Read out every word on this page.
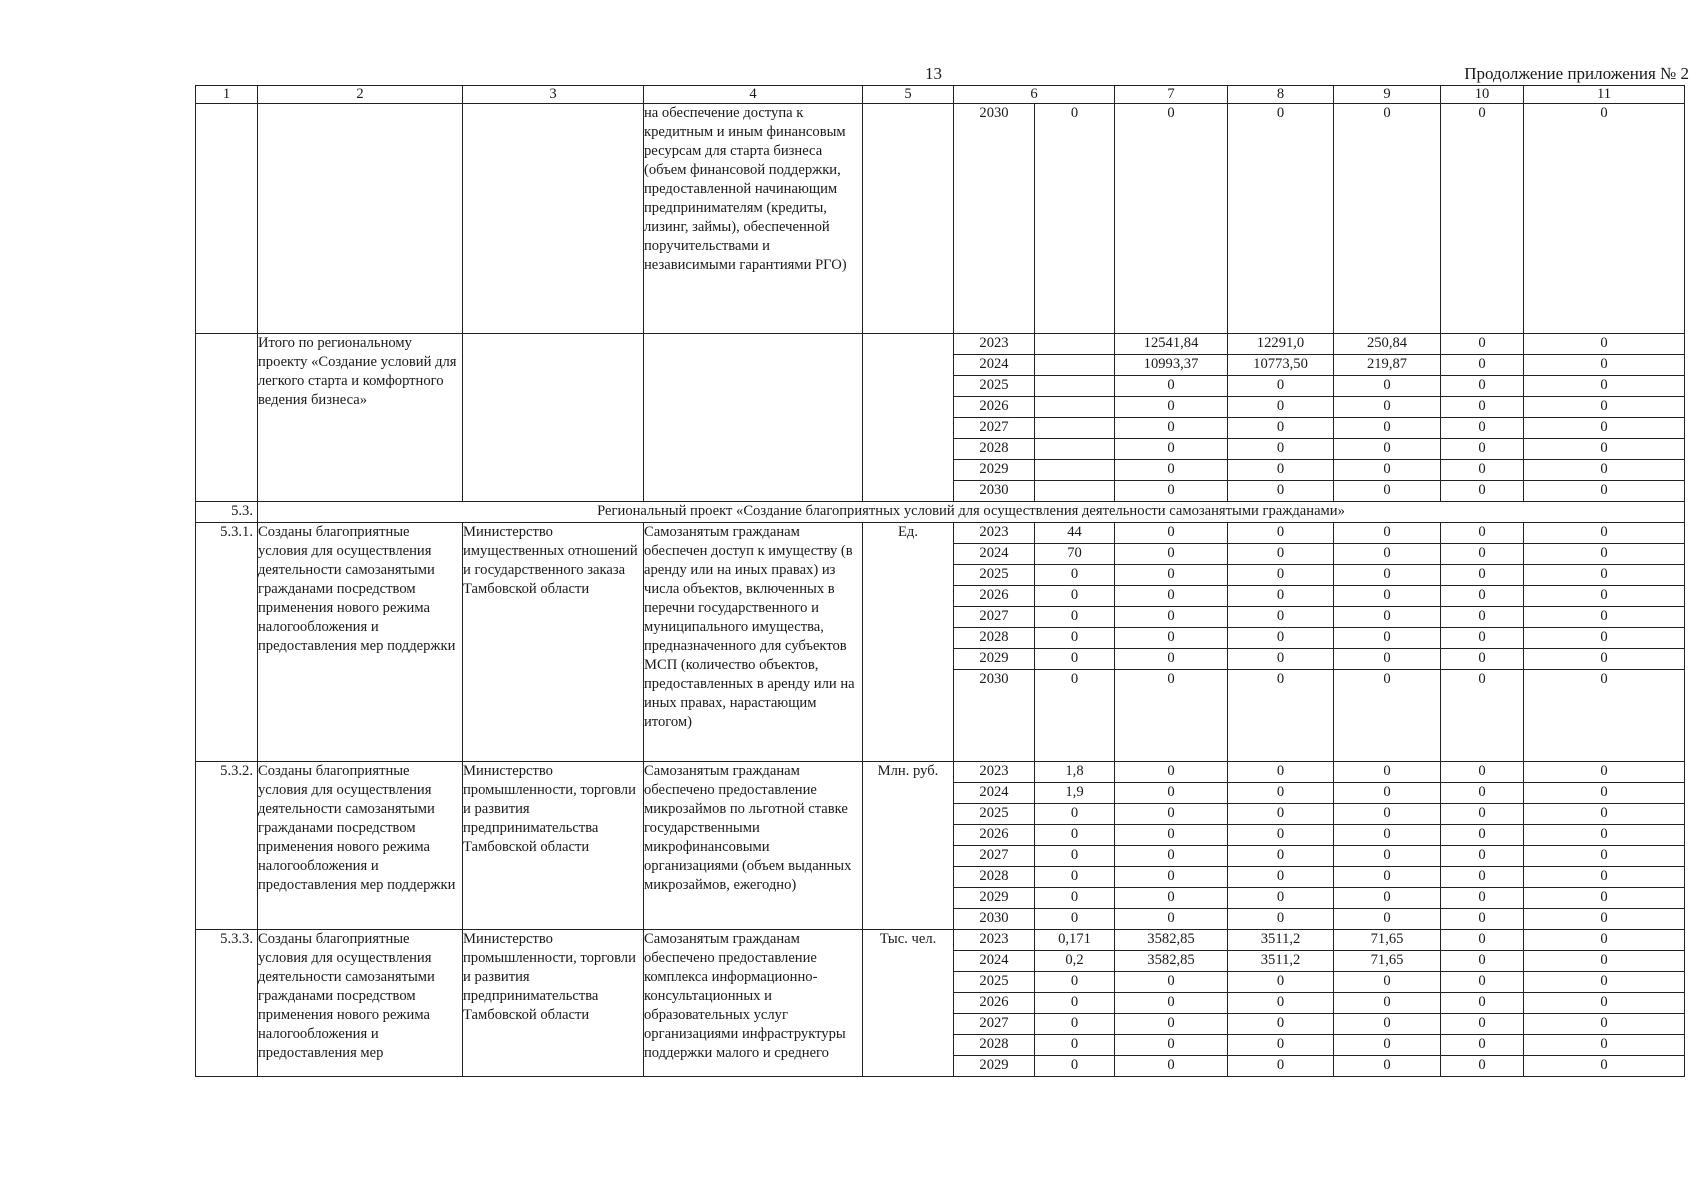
13	Продолжение приложения № 2
1	2	3	4	5	6		7	8	9	10	11
			на обеспечение доступа к кредитным и иным финансовым ресурсам для старта бизнеса (объем финансовой поддержки, предоставленной начинающим предпринимателям (кредиты, лизинг, займы), обеспеченной поручительствами и независимыми гарантиями РГО)		2030	0	0	0	0	0	0
	Итого по региональному проекту «Создание условий для легкого старта и комфортного ведения бизнеса»				2023		12541,84	12291,0	250,84	0	0
					2024		10993,37	10773,50	219,87	0	0
					2025		0	0	0	0	0
					2026		0	0	0	0	0
					2027		0	0	0	0	0
					2028		0	0	0	0	0
					2029		0	0	0	0	0
					2030		0	0	0	0	0
5.3.	Региональный проект «Создание благоприятных условий для осуществления деятельности самозанятыми гражданами»										
5.3.1.	Созданы благоприятные условия для осуществления деятельности самозанятыми гражданами посредством применения нового режима налогообложения и предоставления мер поддержки	Министерство имущественных отношений и государственного заказа Тамбовской области	Самозанятым гражданам обеспечен доступ к имуществу (в аренду или на иных правах) из числа объектов, включенных в перечни государственного и муниципального имущества, предназначенного для субъектов МСП (количество объектов, предоставленных в аренду или на иных правах, нарастающим итогом)	Ед.	2023	44	0	0	0	0	0
					2024	70	0	0	0	0	0
					2025	0	0	0	0	0	0
					2026	0	0	0	0	0	0
					2027	0	0	0	0	0	0
					2028	0	0	0	0	0	0
					2029	0	0	0	0	0	0
					2030	0	0	0	0	0	0
5.3.2.	Созданы благоприятные условия для осуществления деятельности самозанятыми гражданами посредством применения нового режима налогообложения и предоставления мер поддержки	Министерство промышленности, торговли и развития предпринимательства Тамбовской области	Самозанятым гражданам обеспечено предоставление микрозаймов по льготной ставке государственными микрофинансовыми организациями (объем выданных микрозаймов, ежегодно)	Млн. руб.	2023	1,8	0	0	0	0	0
					2024	1,9	0	0	0	0	0
					2025	0	0	0	0	0	0
					2026	0	0	0	0	0	0
					2027	0	0	0	0	0	0
					2028	0	0	0	0	0	0
					2029	0	0	0	0	0	0
					2030	0	0	0	0	0	0
5.3.3.	Созданы благоприятные условия для осуществления деятельности самозанятыми гражданами посредством применения нового режима налогообложения и предоставления мер	Министерство промышленности, торговли и развития предпринимательства Тамбовской области	Самозанятым гражданам обеспечено предоставление комплекса информационно-консультационных и образовательных услуг организациями инфраструктуры поддержки малого и среднего	Тыс. чел.	2023	0,171	3582,85	3511,2	71,65	0	0
					2024	0,2	3582,85	3511,2	71,65	0	0
					2025	0	0	0	0	0	0
					2026	0	0	0	0	0	0
					2027	0	0	0	0	0	0
					2028	0	0	0	0	0	0
					2029	0	0	0	0	0	0
